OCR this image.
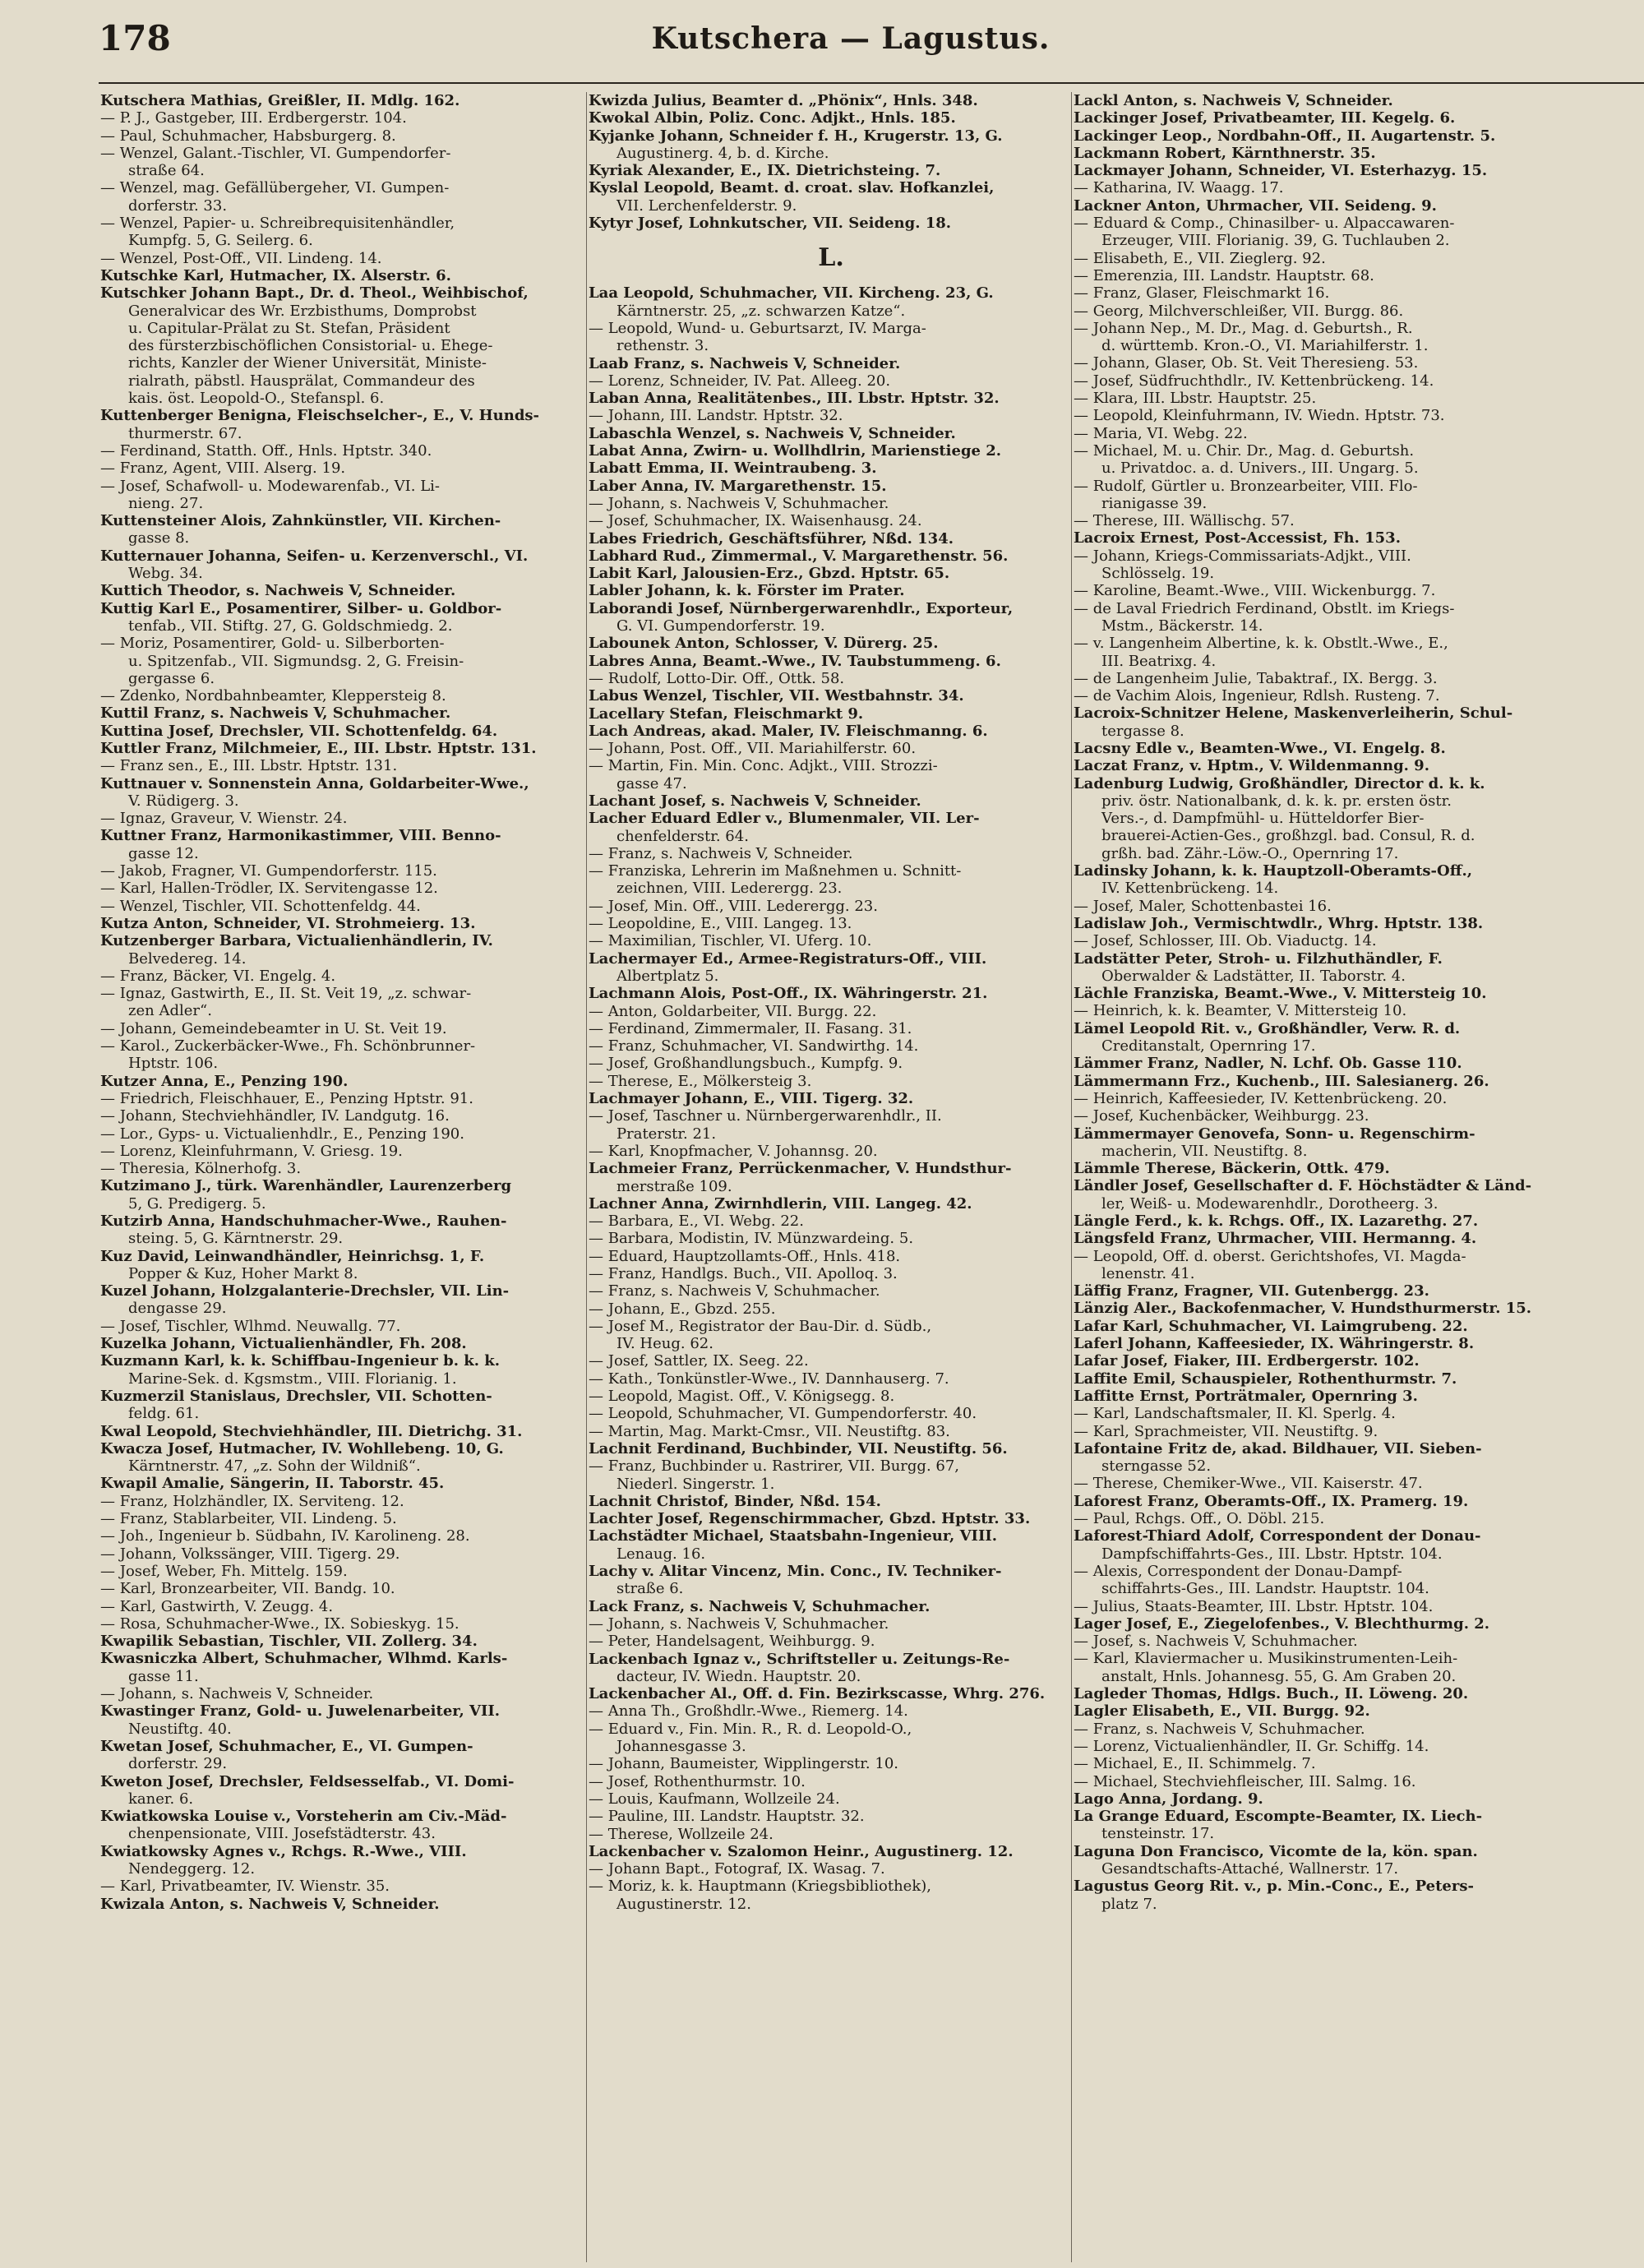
178	Kutschera — Lagustus.
Kutschera Mathias, Greißler, II. Mdlg. 162.
— P. J., Gastgeber, III. Erdbergerstr. 104.
— Paul, Schuhmacher, Habsburgerg. 8.
— Wenzel, Galant.-Tischler, VI. Gumpendorfer-
straße 64.
— Wenzel, mag. Gefällübergeher, VI. Gumpen-
dorferstr. 33.
— Wenzel, Papier- u. Schreibrequisitenhändler,
Kumpfg. 5, G. Seilerg. 6.
— Wenzel, Post-Off., VII. Lindeng. 14.
Kutschke Karl, Hutmacher, IX. Alserstr. 6.
Kutschker Johann Bapt., Dr. d. Theol., Weihbischof,
Generalvicar des Wr. Erzbisthums, Domprobst
u. Capitular-Prälat zu St. Stefan, Präsident
des fürsterzbischöflichen Consistorial- u. Ehege-
richts, Kanzler der Wiener Universität, Ministe-
rialrath, päbstl. Hausprälat, Commandeur des
kais. öst. Leopold-O., Stefanspl. 6.
Kuttenberger Benigna, Fleischselcher-, E., V. Hunds-
thurmerstr. 67.
— Ferdinand, Statth. Off., Hnls. Hptstr. 340.
— Franz, Agent, VIII. Alserg. 19.
— Josef, Schafwoll- u. Modewarenfab., VI. Li-
nieng. 27.
Kuttensteiner Alois, Zahnkünstler, VII. Kirchen-
gasse 8.
Kutternauer Johanna, Seifen- u. Kerzenverschl., VI.
Webg. 34.
Kuttich Theodor, s. Nachweis V, Schneider.
Kuttig Karl E., Posamentirer, Silber- u. Goldbor-
tenfab., VII. Stiftg. 27, G. Goldschmiedg. 2.
— Moriz, Posamentirer, Gold- u. Silberborten-
u. Spitzenfab., VII. Sigmundsg. 2, G. Freisin-
gergasse 6.
— Zdenko, Nordbahnbeamter, Kleppersteig 8.
Kuttil Franz, s. Nachweis V, Schuhmacher.
Kuttina Josef, Drechsler, VII. Schottenfeldg. 64.
Kuttler Franz, Milchmeier, E., III. Lbstr. Hptstr. 131.
— Franz sen., E., III. Lbstr. Hptstr. 131.
Kuttnauer v. Sonnenstein Anna, Goldarbeiter-Wwe.,
V. Rüdigerg. 3.
— Ignaz, Graveur, V. Wienstr. 24.
Kuttner Franz, Harmonikastimmer, VIII. Benno-
gasse 12.
— Jakob, Fragner, VI. Gumpendorferstr. 115.
— Karl, Hallen-Trödler, IX. Servitengasse 12.
— Wenzel, Tischler, VII. Schottenfeldg. 44.
Kutza Anton, Schneider, VI. Strohmeierg. 13.
Kutzenberger Barbara, Victualienhändlerin, IV.
Belvederеg. 14.
— Franz, Bäcker, VI. Engelg. 4.
— Ignaz, Gastwirth, E., II. St. Veit 19, „z. schwar-
zen Adler“.
— Johann, Gemeindebeamter in U. St. Veit 19.
— Karol., Zuckerbäcker-Wwe., Fh. Schönbrunner-
Hptstr. 106.
Kutzer Anna, E., Penzing 190.
— Friedrich, Fleischhauer, E., Penzing Hptstr. 91.
— Johann, Stechviehhändler, IV. Landgutg. 16.
— Lor., Gyps- u. Victualienhdlr., E., Penzing 190.
— Lorenz, Kleinfuhrmann, V. Griesg. 19.
— Theresia, Kölnerhofg. 3.
Kutzimano J., türk. Warenhändler, Laurenzerberg
5, G. Predigerg. 5.
Kutzirb Anna, Handschuhmacher-Wwe., Rauhen-
steing. 5, G. Kärntnerstr. 29.
Kuz David, Leinwandhändler, Heinrichsg. 1, F.
Popper & Kuz, Hoher Markt 8.
Kuzel Johann, Holzgalanterie-Drechsler, VII. Lin-
dengasse 29.
— Josef, Tischler, Wlhmd. Neuwallg. 77.
Kuzelka Johann, Victualienhändler, Fh. 208.
Kuzmann Karl, k. k. Schiffbau-Ingenieur b. k. k.
Marine-Sek. d. Kgsmstm., VIII. Florianig. 1.
Kuzmerzil Stanislaus, Drechsler, VII. Schotten-
feldg. 61.
Kwal Leopold, Stechviehhändler, III. Dietrichg. 31.
Kwacza Josef, Hutmacher, IV. Wohllebeng. 10, G.
Kärntnerstr. 47, „z. Sohn der Wildniß“.
Kwapil Amalie, Sängerin, II. Taborstr. 45.
— Franz, Holzhändler, IX. Serviteng. 12.
— Franz, Stablarbeiter, VII. Lindeng. 5.
— Joh., Ingenieur b. Südbahn, IV. Karolineng. 28.
— Johann, Volkssänger, VIII. Tigerg. 29.
— Josef, Weber, Fh. Mittelg. 159.
— Karl, Bronzearbeiter, VII. Bandg. 10.
— Karl, Gastwirth, V. Zeugg. 4.
— Rosa, Schuhmacher-Wwe., IX. Sobieskyg. 15.
Kwapilik Sebastian, Tischler, VII. Zollerg. 34.
Kwasniczka Albert, Schuhmacher, Wlhmd. Karls-
gasse 11.
— Johann, s. Nachweis V, Schneider.
Kwastinger Franz, Gold- u. Juwelenarbeiter, VII.
Neustiftg. 40.
Kwetan Josef, Schuhmacher, E., VI. Gumpen-
dorferstr. 29.
Kweton Josef, Drechsler, Feldsesselfab., VI. Domi-
kaner. 6.
Kwiatkowska Louise v., Vorsteherin am Civ.-Mäd-
chenpensionate, VIII. Josefstädterstr. 43.
Kwiatkowsky Agnes v., Rchgs. R.-Wwe., VIII.
Nendeggerg. 12.
— Karl, Privatbeamter, IV. Wienstr. 35.
Kwizala Anton, s. Nachweis V, Schneider.
Kwizda Julius, Beamter d. „Phönix“, Hnls. 348.
Kwokal Albin, Poliz. Conc. Adjkt., Hnls. 185.
Kyjanke Johann, Schneider f. H., Krugerstr. 13, G.
Augustinerg. 4, b. d. Kirche.
Kyriak Alexander, E., IX. Dietrichsteing. 7.
Kyslal Leopold, Beamt. d. croat. slav. Hofkanzlei,
VII. Lerchenfelderstr. 9.
Kytyr Josef, Lohnkutscher, VII. Seideng. 18.
L.
Laa Leopold, Schuhmacher, VII. Kircheng. 23, G.
Kärntnerstr. 25, „z. schwarzen Katze“.
— Leopold, Wund- u. Geburtsarzt, IV. Marga-
rethenstr. 3.
Laab Franz, s. Nachweis V, Schneider.
— Lorenz, Schneider, IV. Pat. Alleeg. 20.
Laban Anna, Realitätenbes., III. Lbstr. Hptstr. 32.
— Johann, III. Landstr. Hptstr. 32.
Labaschla Wenzel, s. Nachweis V, Schneider.
Labat Anna, Zwirn- u. Wollhdlrin, Marienstiege 2.
Labatt Emma, II. Weintraubeng. 3.
Laber Anna, IV. Margarethenstr. 15.
— Johann, s. Nachweis V, Schuhmacher.
— Josef, Schuhmacher, IX. Waisenhausg. 24.
Labes Friedrich, Geschäftsführer, Nßd. 134.
Labhard Rud., Zimmermal., V. Margarethenstr. 56.
Labit Karl, Jalousien-Erz., Gbzd. Hptstr. 65.
Labler Johann, k. k. Förster im Prater.
Laborandi Josef, Nürnbergerwarenhdlr., Exporteur,
G. VI. Gumpendorferstr. 19.
Labounek Anton, Schlosser, V. Dürerg. 25.
Labres Anna, Beamt.-Wwe., IV. Taubstummeng. 6.
— Rudolf, Lotto-Dir. Off., Ottk. 58.
Labus Wenzel, Tischler, VII. Westbahnstr. 34.
Lacellary Stefan, Fleischmarkt 9.
Lach Andreas, akad. Maler, IV. Fleischmanng. 6.
— Johann, Post. Off., VII. Mariahilferstr. 60.
— Martin, Fin. Min. Conc. Adjkt., VIII. Strozzi-
gasse 47.
Lachant Josef, s. Nachweis V, Schneider.
Lacher Eduard Edler v., Blumenmaler, VII. Ler-
chenfelderstr. 64.
— Franz, s. Nachweis V, Schneider.
— Franziska, Lehrerin im Maßnehmen u. Schnitt-
zeichnen, VIII. Lederergg. 23.
— Josef, Min. Off., VIII. Lederergg. 23.
— Leopoldine, E., VIII. Langeg. 13.
— Maximilian, Tischler, VI. Uferg. 10.
Lachermayer Ed., Armee-Registraturs-Off., VIII.
Albertplatz 5.
Lachmann Alois, Post-Off., IX. Währingerstr. 21.
— Anton, Goldarbeiter, VII. Burgg. 22.
— Ferdinand, Zimmermaler, II. Fasang. 31.
— Franz, Schuhmacher, VI. Sandwirthg. 14.
— Josef, Großhandlungsbuch., Kumpfg. 9.
— Therese, E., Mölkersteig 3.
Lachmayer Johann, E., VIII. Tigerg. 32.
— Josef, Taschner u. Nürnbergerwarenhdlr., II.
Praterstr. 21.
— Karl, Knopfmacher, V. Johannsg. 20.
Lachmeier Franz, Perrückenmacher, V. Hundsthur-
merstraße 109.
Lachner Anna, Zwirnhdlerin, VIII. Langeg. 42.
— Barbara, E., VI. Webg. 22.
— Barbara, Modistin, IV. Münzwardeing. 5.
— Eduard, Hauptzollamts-Off., Hnls. 418.
— Franz, Handlgs. Buch., VII. Apolloq. 3.
— Franz, s. Nachweis V, Schuhmacher.
— Johann, E., Gbzd. 255.
— Josef M., Registrator der Bau-Dir. d. Südb.,
IV. Heug. 62.
— Josef, Sattler, IX. Seeg. 22.
— Kath., Tonkünstler-Wwe., IV. Dannhauserg. 7.
— Leopold, Magist. Off., V. Königsegg. 8.
— Leopold, Schuhmacher, VI. Gumpendorferstr. 40.
— Martin, Mag. Markt-Cmsr., VII. Neustiftg. 83.
Lachnit Ferdinand, Buchbinder, VII. Neustiftg. 56.
— Franz, Buchbinder u. Rastrirer, VII. Burgg. 67,
Niederl. Singerstr. 1.
Lachnit Christof, Binder, Nßd. 154.
Lachter Josef, Regenschirmmacher, Gbzd. Hptstr. 33.
Lachstädter Michael, Staatsbahn-Ingenieur, VIII.
Lenaug. 16.
Lachy v. Alitar Vincenz, Min. Conc., IV. Techniker-
straße 6.
Lack Franz, s. Nachweis V, Schuhmacher.
— Johann, s. Nachweis V, Schuhmacher.
— Peter, Handelsagent, Weihburgg. 9.
Lackenbach Ignaz v., Schriftsteller u. Zeitungs-Re-
dacteur, IV. Wiedn. Hauptstr. 20.
Lackenbacher Al., Off. d. Fin. Bezirkscasse, Whrg. 276.
— Anna Th., Großhdlr.-Wwe., Riemerg. 14.
— Eduard v., Fin. Min. R., R. d. Leopold-O.,
Johannesgasse 3.
— Johann, Baumeister, Wipplingerstr. 10.
— Josef, Rothenthurmstr. 10.
— Louis, Kaufmann, Wollzeile 24.
— Pauline, III. Landstr. Hauptstr. 32.
— Therese, Wollzeile 24.
Lackenbacher v. Szalomon Heinr., Augustinerg. 12.
— Johann Bapt., Fotograf, IX. Wasag. 7.
— Moriz, k. k. Hauptmann (Kriegsbibliothek),
Augustinerstr. 12.
Lackl Anton, s. Nachweis V, Schneider.
Lackinger Josef, Privatbeamter, III. Kegelg. 6.
Lackinger Leop., Nordbahn-Off., II. Augartenstr. 5.
Lackmann Robert, Kärnthnerstr. 35.
Lackmayer Johann, Schneider, VI. Esterhazyg. 15.
— Katharina, IV. Waagg. 17.
Lackner Anton, Uhrmacher, VII. Seideng. 9.
— Eduard & Comp., Chinasilber- u. Alpaccawaren-
Erzeuger, VIII. Florianig. 39, G. Tuchlauben 2.
— Elisabeth, E., VII. Zieglerg. 92.
— Emerenzia, III. Landstr. Hauptstr. 68.
— Franz, Glaser, Fleischmarkt 16.
— Georg, Milchverschleißer, VII. Burgg. 86.
— Johann Nep., M. Dr., Mag. d. Geburtsh., R.
d. württemb. Kron.-O., VI. Mariahilferstr. 1.
— Johann, Glaser, Ob. St. Veit Theresieng. 53.
— Josef, Südfruchthdlr., IV. Kettenbrückeng. 14.
— Klara, III. Lbstr. Hauptstr. 25.
— Leopold, Kleinfuhrmann, IV. Wiedn. Hptstr. 73.
— Maria, VI. Webg. 22.
— Michael, M. u. Chir. Dr., Mag. d. Geburtsh.
u. Privatdoc. a. d. Univers., III. Ungarg. 5.
— Rudolf, Gürtler u. Bronzearbeiter, VIII. Flo-
rianigasse 39.
— Therese, III. Wällischg. 57.
Lacroix Ernest, Post-Accessist, Fh. 153.
— Johann, Kriegs-Commissariats-Adjkt., VIII.
Schlösselg. 19.
— Karoline, Beamt.-Wwe., VIII. Wickenburgg. 7.
— de Laval Friedrich Ferdinand, Obstlt. im Kriegs-
Mstm., Bäckerstr. 14.
— v. Langenheim Albertine, k. k. Obstlt.-Wwe., E.,
III. Beatrixg. 4.
— de Langenheim Julie, Tabaktraf., IX. Bergg. 3.
— de Vachim Alois, Ingenieur, Rdlsh. Rusteng. 7.
Lacroix-Schnitzer Helene, Maskenverleiherin, Schul-
tergasse 8.
Lacsny Edle v., Beamten-Wwe., VI. Engelg. 8.
Laczat Franz, v. Hptm., V. Wildenmanng. 9.
Ladenburg Ludwig, Großhändler, Director d. k. k.
priv. östr. Nationalbank, d. k. k. pr. ersten östr.
Vers.-, d. Dampfmühl- u. Hütteldorfer Bier-
brauerei-Actien-Ges., großhzgl. bad. Consul, R. d.
grßh. bad. Zähr.-Löw.-O., Opernring 17.
Ladinsky Johann, k. k. Hauptzoll-Oberamts-Off.,
IV. Kettenbrückeng. 14.
— Josef, Maler, Schottenbastei 16.
Ladislaw Joh., Vermischtwdlr., Whrg. Hptstr. 138.
— Josef, Schlosser, III. Ob. Viaductg. 14.
Ladstätter Peter, Stroh- u. Filzhuthändler, F.
Oberwalder & Ladstätter, II. Taborstr. 4.
Lächle Franziska, Beamt.-Wwe., V. Mittersteig 10.
— Heinrich, k. k. Beamter, V. Mittersteig 10.
Lämel Leopold Rit. v., Großhändler, Verw. R. d.
Creditanstalt, Opernring 17.
Lämmer Franz, Nadler, N. Lchf. Ob. Gasse 110.
Lämmermann Frz., Kuchenb., III. Salesianerg. 26.
— Heinrich, Kaffeesieder, IV. Kettenbrückeng. 20.
— Josef, Kuchenbäcker, Weihburgg. 23.
Lämmermayer Genovefa, Sonn- u. Regenschirm-
macherin, VII. Neustiftg. 8.
Lämmle Therese, Bäckerin, Ottk. 479.
Ländler Josef, Gesellschafter d. F. Höchstädter & Länd-
ler, Weiß- u. Modewarenhdlr., Dorotheerg. 3.
Längle Ferd., k. k. Rchgs. Off., IX. Lazarethg. 27.
Längsfeld Franz, Uhrmacher, VIII. Hermanng. 4.
— Leopold, Off. d. oberst. Gerichtshofes, VI. Magda-
lenenstr. 41.
Läffig Franz, Fragner, VII. Gutenbergg. 23.
Länzig Aler., Backofenmacher, V. Hundsthurmerstr. 15.
Lafar Karl, Schuhmacher, VI. Laimgrubeng. 22.
Laferl Johann, Kaffeesieder, IX. Währingerstr. 8.
Lafar Josef, Fiaker, III. Erdbergerstr. 102.
Laffite Emil, Schauspieler, Rothenthurmstr. 7.
Laffitte Ernst, Porträtmaler, Opernring 3.
— Karl, Landschaftsmaler, II. Kl. Sperlg. 4.
— Karl, Sprachmeister, VII. Neustiftg. 9.
Lafontaine Fritz de, akad. Bildhauer, VII. Sieben-
sterngasse 52.
— Therese, Chemiker-Wwe., VII. Kaiserstr. 47.
Laforest Franz, Oberamts-Off., IX. Pramerg. 19.
— Paul, Rchgs. Off., O. Döbl. 215.
Laforest-Thiard Adolf, Correspondent der Donau-
Dampfschiffahrts-Ges., III. Lbstr. Hptstr. 104.
— Alexis, Correspondent der Donau-Dampf-
schiffahrts-Ges., III. Landstr. Hauptstr. 104.
— Julius, Staats-Beamter, III. Lbstr. Hptstr. 104.
Lager Josef, E., Ziegelofenbes., V. Blechthurmg. 2.
— Josef, s. Nachweis V, Schuhmacher.
— Karl, Klaviermacher u. Musikinstrumenten-Leih-
anstalt, Hnls. Johannesg. 55, G. Am Graben 20.
Lagleder Thomas, Hdlgs. Buch., II. Löweng. 20.
Lagler Elisabeth, E., VII. Burgg. 92.
— Franz, s. Nachweis V, Schuhmacher.
— Lorenz, Victualienhändler, II. Gr. Schiffg. 14.
— Michael, E., II. Schimmelg. 7.
— Michael, Stechviehfleischer, III. Salmg. 16.
Lago Anna, Jordang. 9.
La Grange Eduard, Escompte-Beamter, IX. Liech-
tensteinstr. 17.
Laguna Don Francisco, Vicomte de la, kön. span.
Gesandtschafts-Attaché, Wallnerstr. 17.
Lagustus Georg Rit. v., p. Min.-Conc., E., Peters-
platz 7.
